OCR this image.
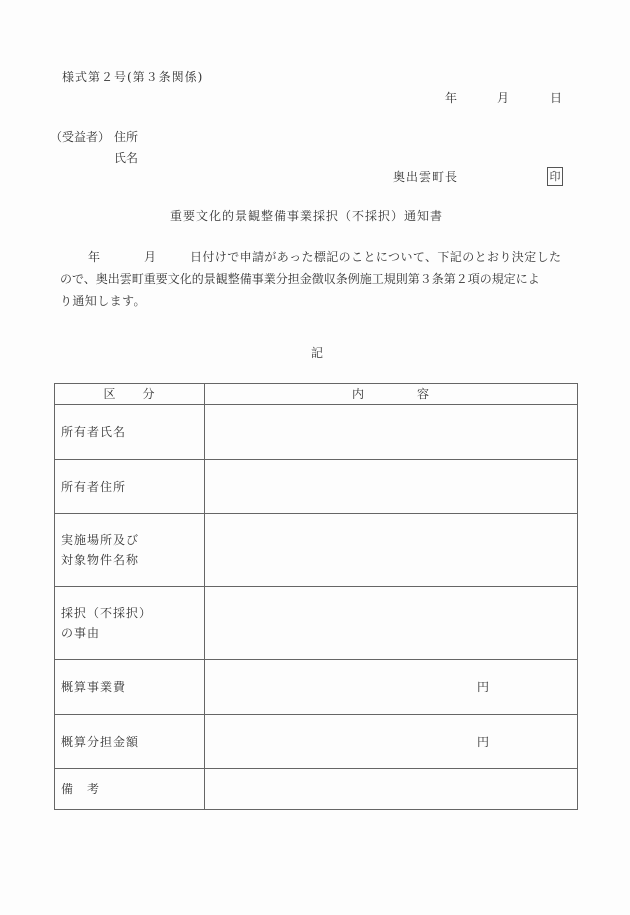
様式第２号(第３条関係)
年	月	日
（受益者） 住所
氏名
奥出雲町長	印
重要文化的景観整備事業採択（不採択）通知書
年	月	日付けで申請があった標記のことについて、下記のとおり決定した
ので、奥出雲町重要文化的景観整備事業分担金徴収条例施工規則第３条第２項の規定によ
り通知します。
記
区　　分	内　　　　容
所有者氏名	
所有者住所	

実施場所及び
対象物件名称	

採択（不採択）
の事由	

概算事業費	円

概算分担金額	円

備　考	
